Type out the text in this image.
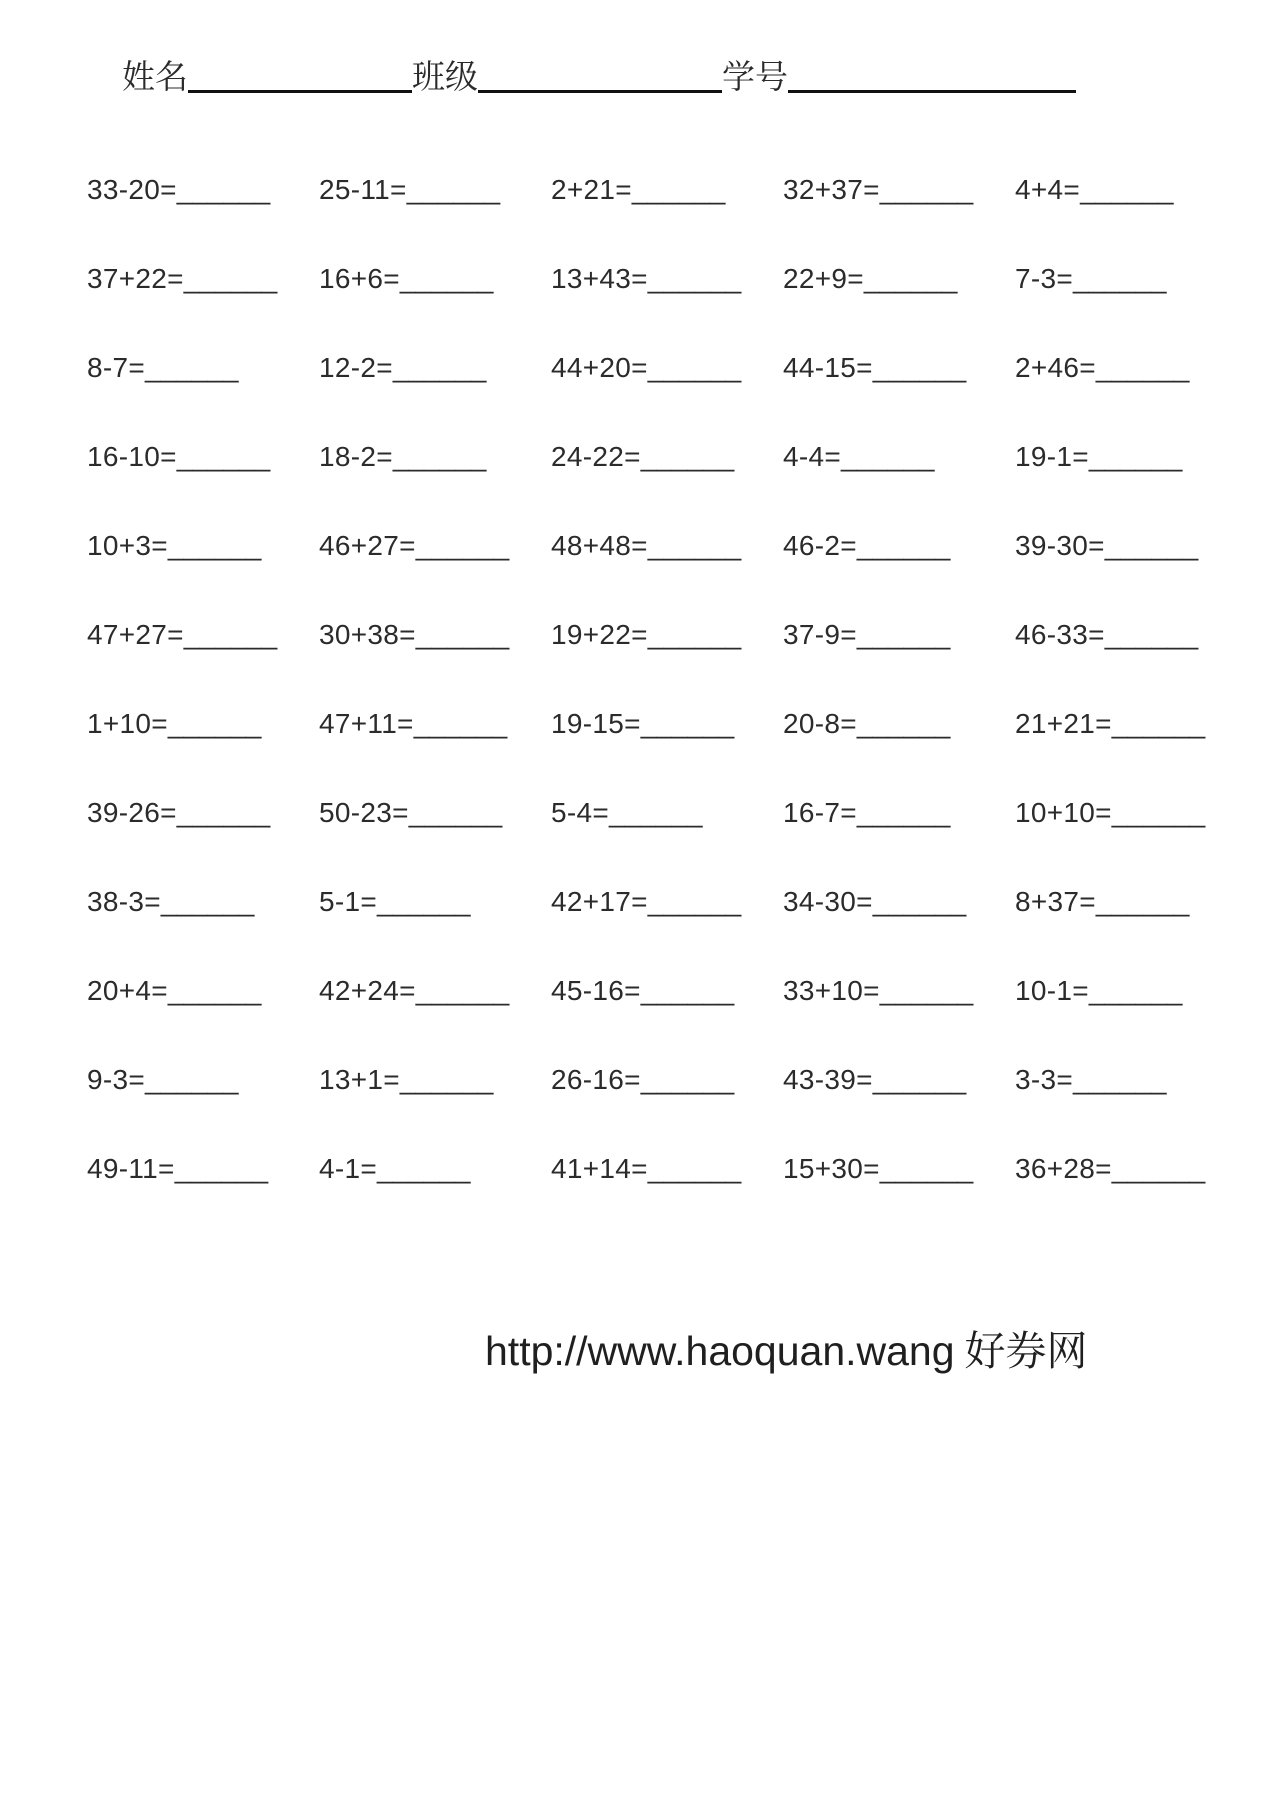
姓名	班级	学号
33-20=______	25-11=______	2+21=______	32+37=______	4+4=______
37+22=______	16+6=______	13+43=______	22+9=______	7-3=______
8-7=______	12-2=______	44+20=______	44-15=______	2+46=______
16-10=______	18-2=______	24-22=______	4-4=______	19-1=______
10+3=______	46+27=______	48+48=______	46-2=______	39-30=______
47+27=______	30+38=______	19+22=______	37-9=______	46-33=______
1+10=______	47+11=______	19-15=______	20-8=______	21+21=______
39-26=______	50-23=______	5-4=______	16-7=______	10+10=______
38-3=______	5-1=______	42+17=______	34-30=______	8+37=______
20+4=______	42+24=______	45-16=______	33+10=______	10-1=______
9-3=______	13+1=______	26-16=______	43-39=______	3-3=______
49-11=______	4-1=______	41+14=______	15+30=______	36+28=______
http://www.haoquan.wang 好券网
